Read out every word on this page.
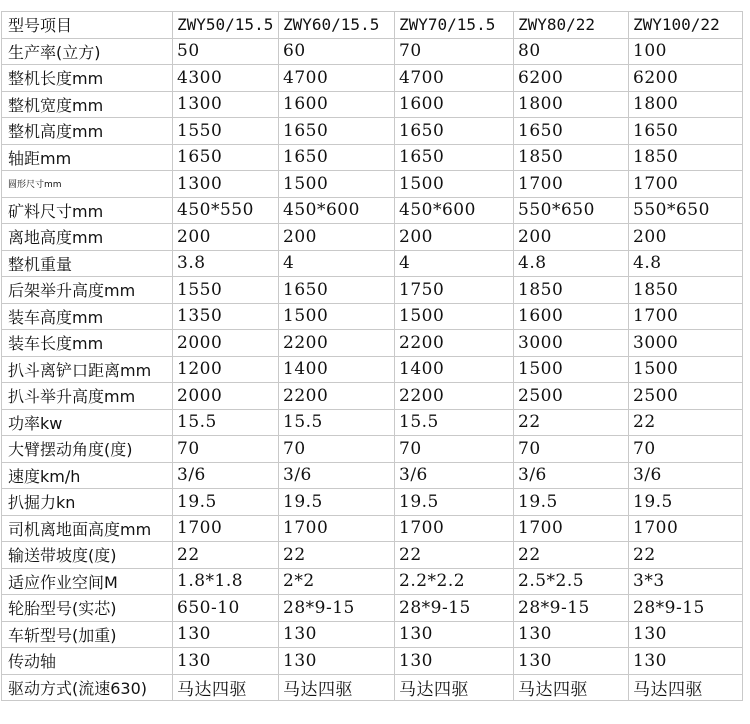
型号项目	ZWY50/15.5	ZWY60/15.5	ZWY70/15.5	ZWY80/22	ZWY100/22
生产率(立方)	50	60	70	80	100
整机长度mm	4300	4700	4700	6200	6200
整机宽度mm	1300	1600	1600	1800	1800
整机高度mm	1550	1650	1650	1650	1650
轴距mm	1650	1650	1650	1850	1850
圆形尺寸mm	1300	1500	1500	1700	1700
矿料尺寸mm	450*550	450*600	450*600	550*650	550*650
离地高度mm	200	200	200	200	200
整机重量	3.8	4	4	4.8	4.8
后架举升高度mm	1550	1650	1750	1850	1850
装车高度mm	1350	1500	1500	1600	1700
装车长度mm	2000	2200	2200	3000	3000
扒斗离铲口距离mm	1200	1400	1400	1500	1500
扒斗举升高度mm	2000	2200	2200	2500	2500
功率kw	15.5	15.5	15.5	22	22
大臂摆动角度(度)	70	70	70	70	70
速度km/h	3/6	3/6	3/6	3/6	3/6
扒掘力kn	19.5	19.5	19.5	19.5	19.5
司机离地面高度mm	1700	1700	1700	1700	1700
输送带坡度(度)	22	22	22	22	22
适应作业空间M	1.8*1.8	2*2	2.2*2.2	2.5*2.5	3*3
轮胎型号(实芯)	650-10	28*9-15	28*9-15	28*9-15	28*9-15
车斩型号(加重)	130	130	130	130	130
传动轴	130	130	130	130	130
驱动方式(流速630)	马达四驱	马达四驱	马达四驱	马达四驱	马达四驱
